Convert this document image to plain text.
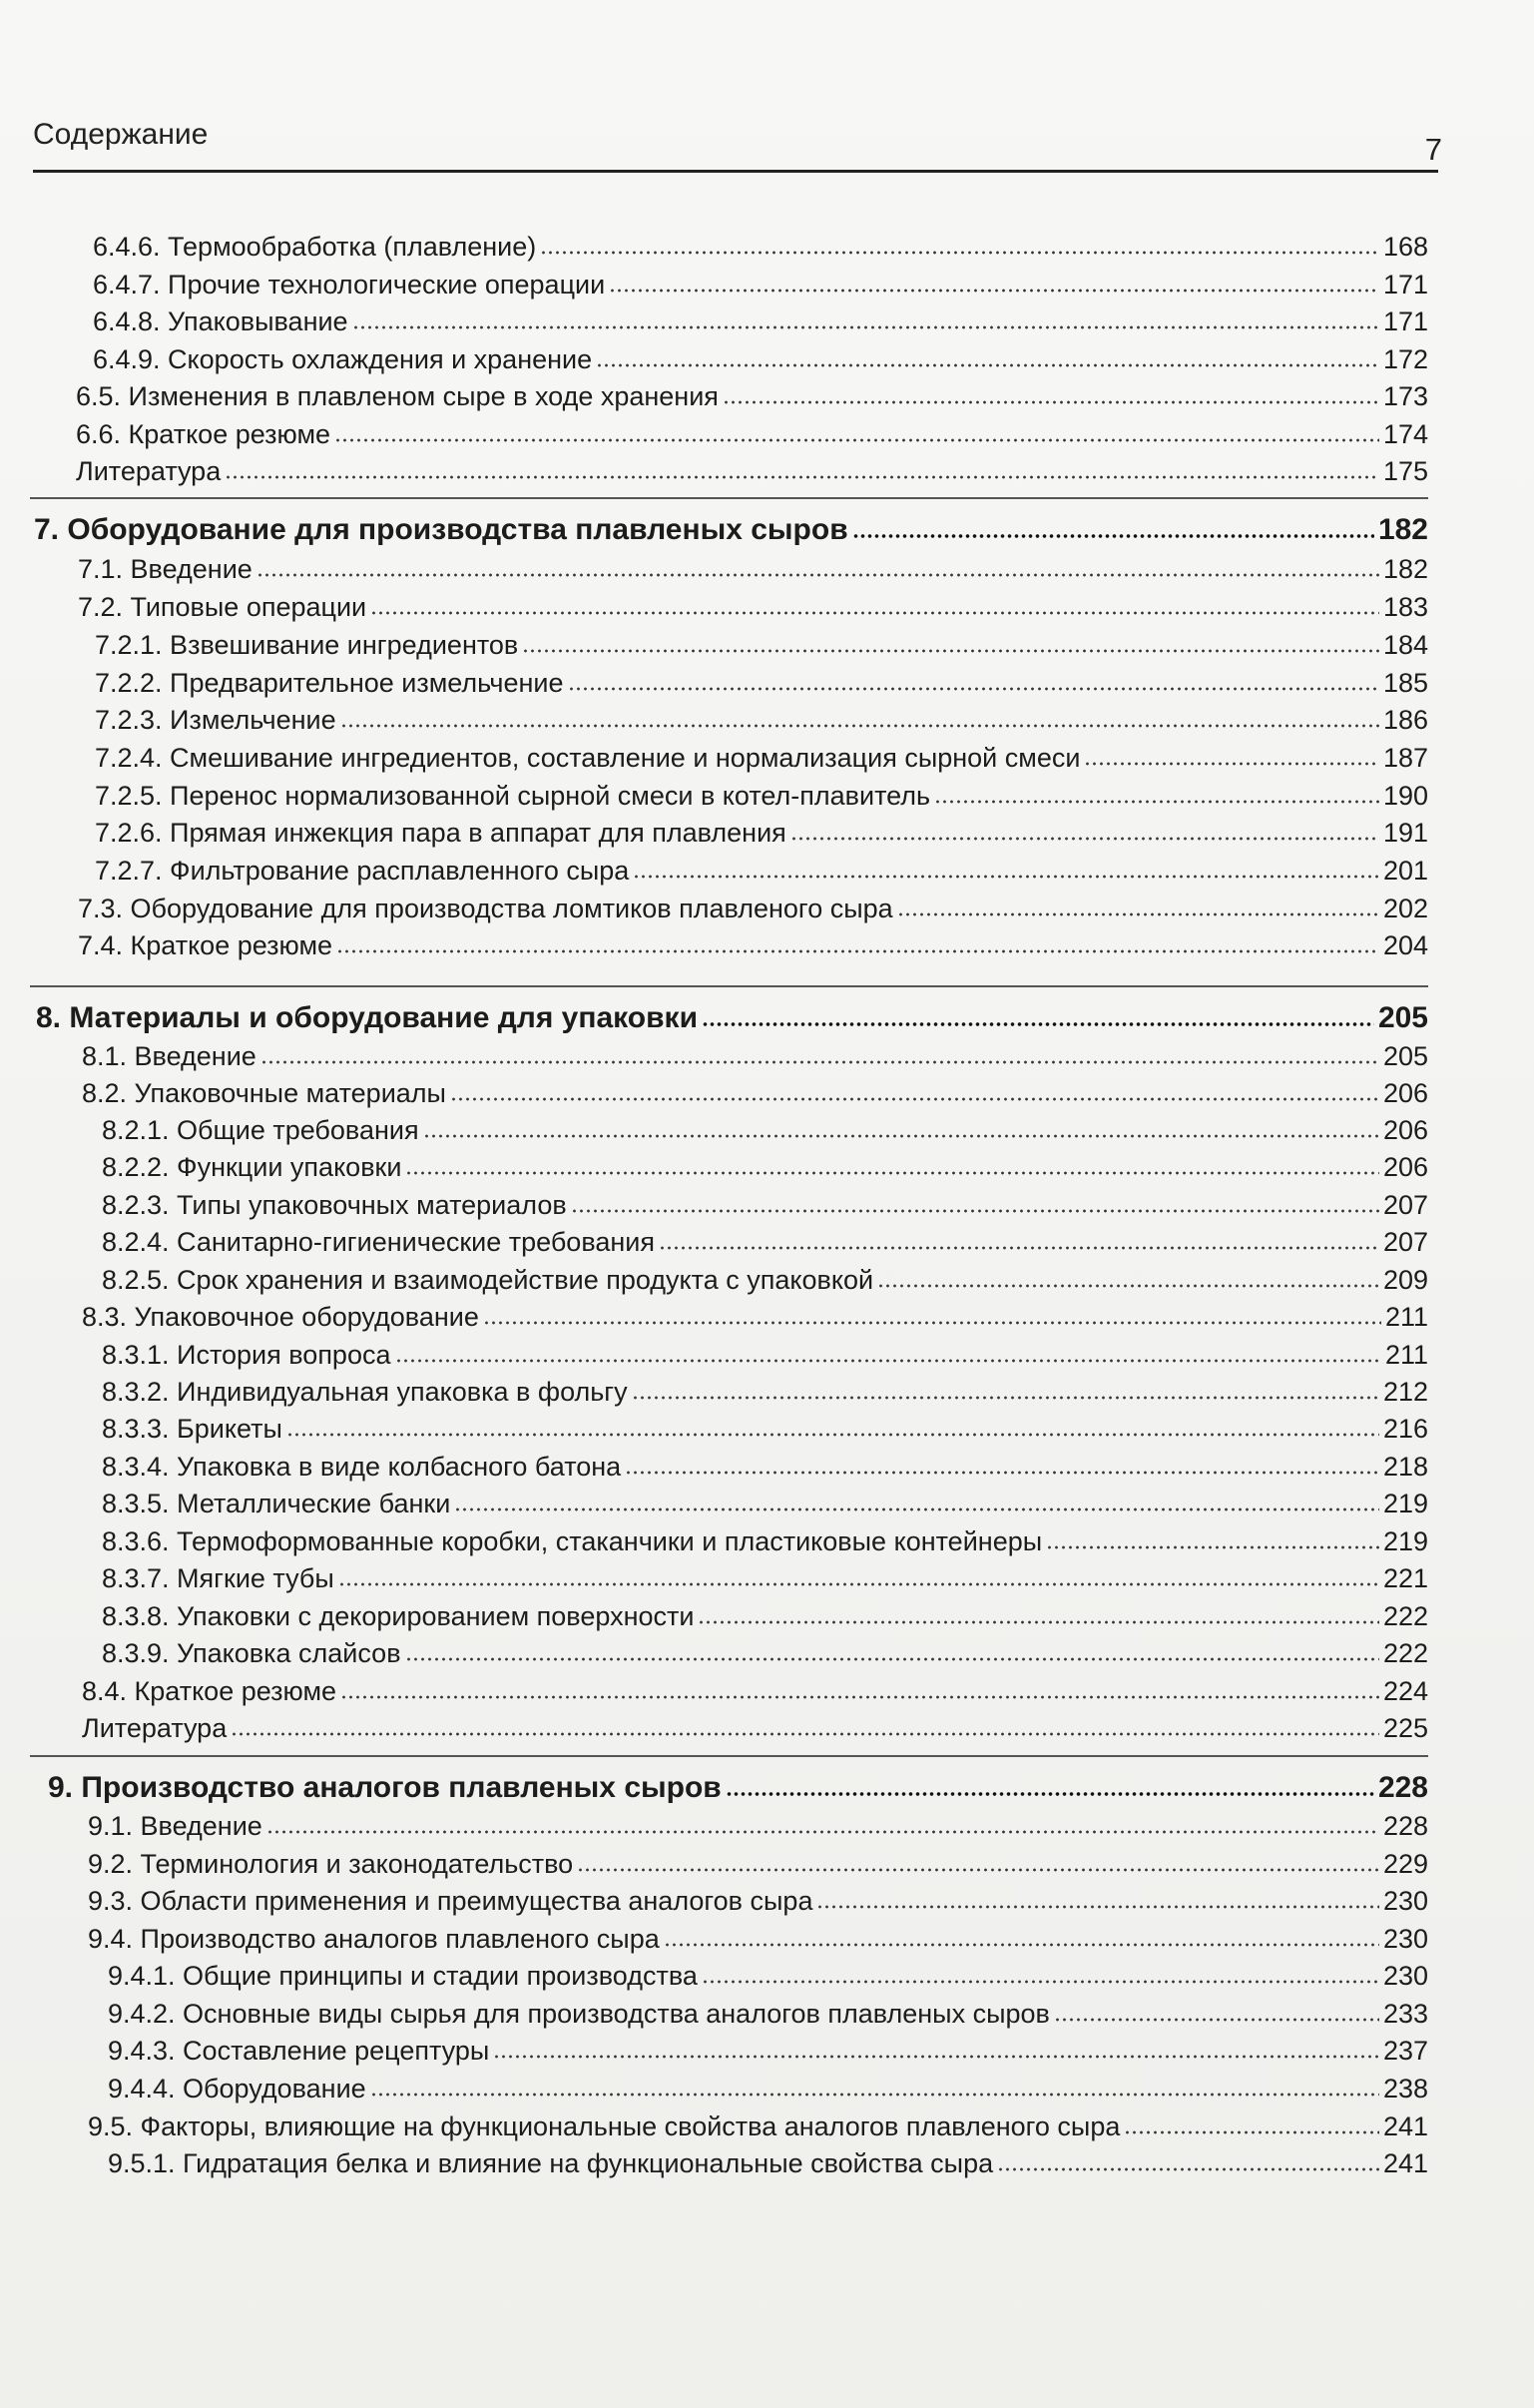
Содержание	7
6.4.6. Термообработка (плавление)	168
6.4.7. Прочие технологические операции	171
6.4.8. Упаковывание	171
6.4.9. Скорость охлаждения и хранение	172
6.5. Изменения в плавленом сыре в ходе хранения	173
6.6. Краткое резюме	174
Литература	175
7. Оборудование для производства плавленых сыров	182
7.1. Введение	182
7.2. Типовые операции	183
7.2.1. Взвешивание ингредиентов	184
7.2.2. Предварительное измельчение	185
7.2.3. Измельчение	186
7.2.4. Смешивание ингредиентов, составление и нормализация сырной смеси	187
7.2.5. Перенос нормализованной сырной смеси в котел-плавитель	190
7.2.6. Прямая инжекция пара в аппарат для плавления	191
7.2.7. Фильтрование расплавленного сыра	201
7.3. Оборудование для производства ломтиков плавленого сыра	202
7.4. Краткое резюме	204
8. Материалы и оборудование для упаковки	205
8.1. Введение	205
8.2. Упаковочные материалы	206
8.2.1. Общие требования	206
8.2.2. Функции упаковки	206
8.2.3. Типы упаковочных материалов	207
8.2.4. Санитарно-гигиенические требования	207
8.2.5. Срок хранения и взаимодействие продукта с упаковкой	209
8.3. Упаковочное оборудование	211
8.3.1. История вопроса	211
8.3.2. Индивидуальная упаковка в фольгу	212
8.3.3. Брикеты	216
8.3.4. Упаковка в виде колбасного батона	218
8.3.5. Металлические банки	219
8.3.6. Термоформованные коробки, стаканчики и пластиковые контейнеры	219
8.3.7. Мягкие тубы	221
8.3.8. Упаковки с декорированием поверхности	222
8.3.9. Упаковка слайсов	222
8.4. Краткое резюме	224
Литература	225
9. Производство аналогов плавленых сыров	228
9.1. Введение	228
9.2. Терминология и законодательство	229
9.3. Области применения и преимущества аналогов сыра	230
9.4. Производство аналогов плавленого сыра	230
9.4.1. Общие принципы и стадии производства	230
9.4.2. Основные виды сырья для производства аналогов плавленых сыров	233
9.4.3. Составление рецептуры	237
9.4.4. Оборудование	238
9.5. Факторы, влияющие на функциональные свойства аналогов плавленого сыра	241
9.5.1. Гидратация белка и влияние на функциональные свойства сыра	241
